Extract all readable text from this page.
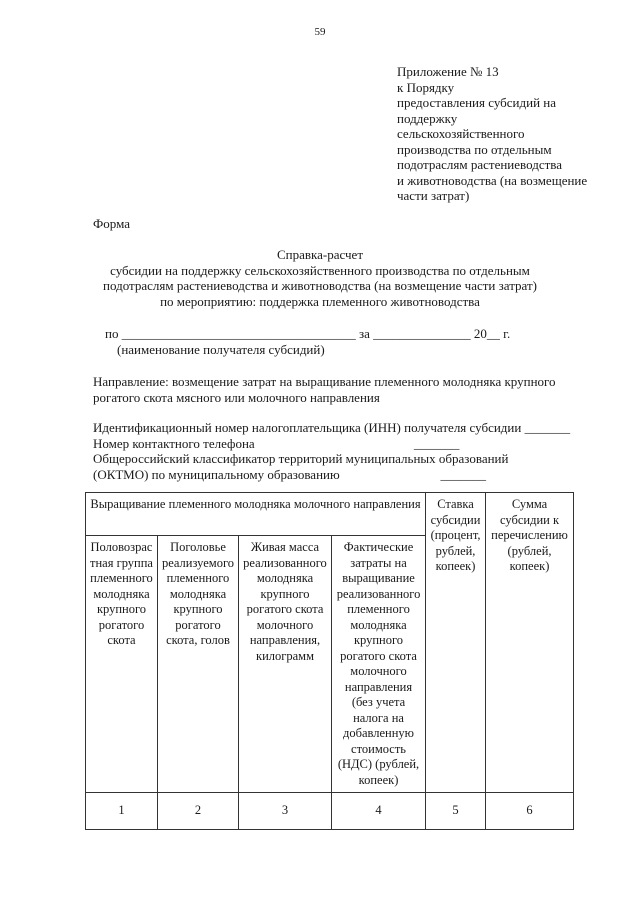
59
Приложение № 13
к Порядку
предоставления субсидий на
поддержку
сельскохозяйственного
производства по отдельным
подотраслям растениеводства
и животноводства (на возмещение
части затрат)
Форма
Справка-расчет
субсидии на поддержку сельскохозяйственного производства по отдельным
подотраслям растениеводства и животноводства (на возмещение части затрат)
по мероприятию: поддержка племенного животноводства
по ____________________________________ за _______________ 20__ г.
(наименование получателя субсидий)
Направление: возмещение затрат на выращивание племенного молодняка крупного
рогатого скота мясного или молочного направления
Идентификационный номер налогоплательщика (ИНН) получателя субсидии _______
Номер контактного телефона                                                 _______
Общероссийский классификатор территорий муниципальных образований
(ОКТМО) по муниципальному образованию                               _______
Выращивание племенного молодняка молочного направления				Ставка субсидии (процент, рублей, копеек)	Сумма субсидии к перечислению (рублей, копеек)
Половозрастная группа племенного молодняка крупного рогатого скота	Поголовье реализуемого племенного молодняка крупного рогатого скота, голов	Живая масса реализованного молодняка крупного рогатого скота молочного направления, килограмм	Фактические затраты на выращивание реализованного племенного молодняка крупного рогатого скота молочного направления (без учета налога на добавленную стоимость (НДС) (рублей, копеек)		
1	2	3	4	5	6
